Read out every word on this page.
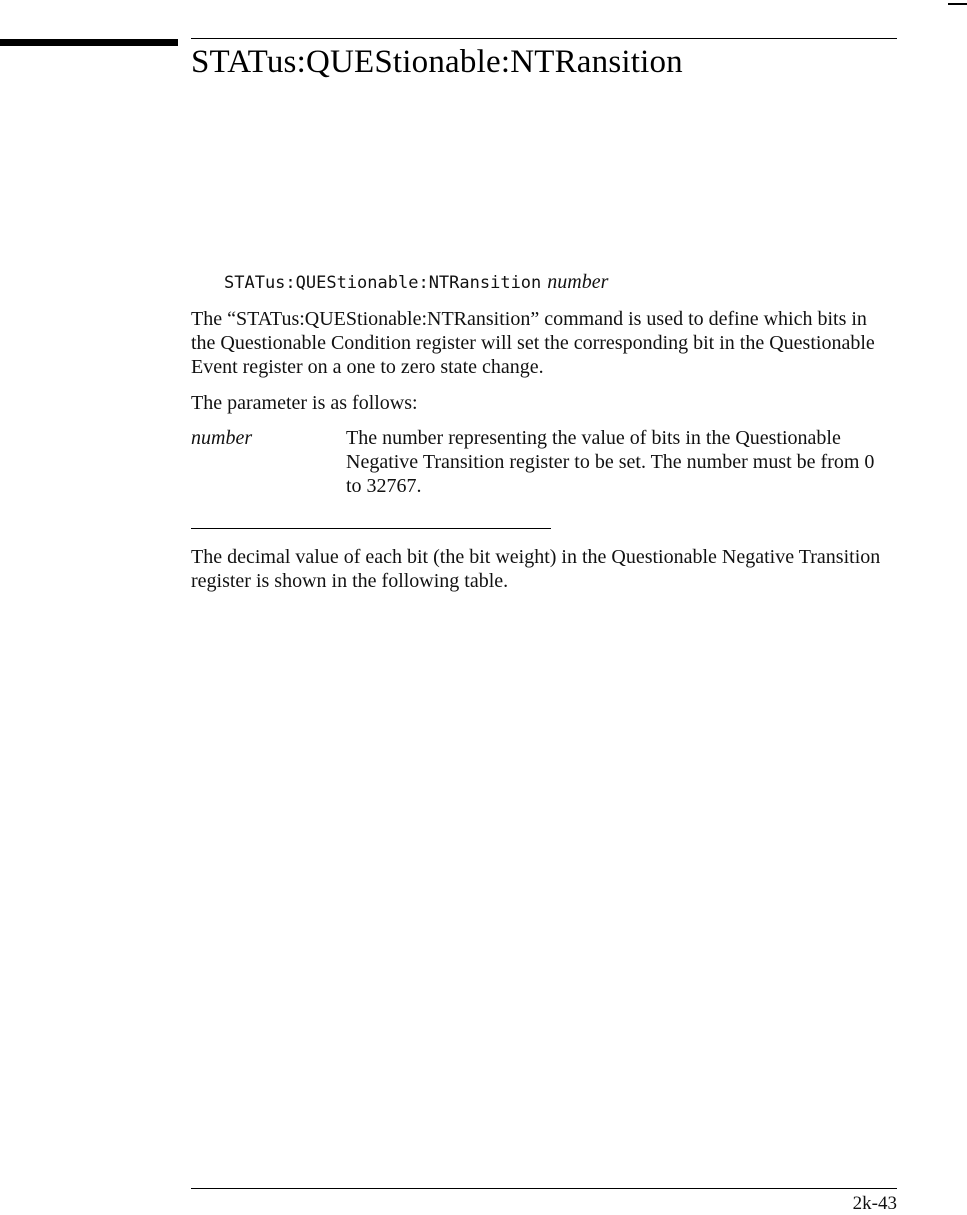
STATus:QUEStionable:NTRansition
STATus:QUEStionable:NTRansition number

The “STATus:QUEStionable:NTRansition” command is used to define which bits in the Questionable Condition register will set the corresponding bit in the Questionable Event register on a one to zero state change.

The parameter is as follows:

number	The number representing the value of bits in the Questionable Negative Transition register to be set. The number must be from 0 to 32767.

The decimal value of each bit (the bit weight) in the Questionable Negative Transition register is shown in the following table.

2k-43
